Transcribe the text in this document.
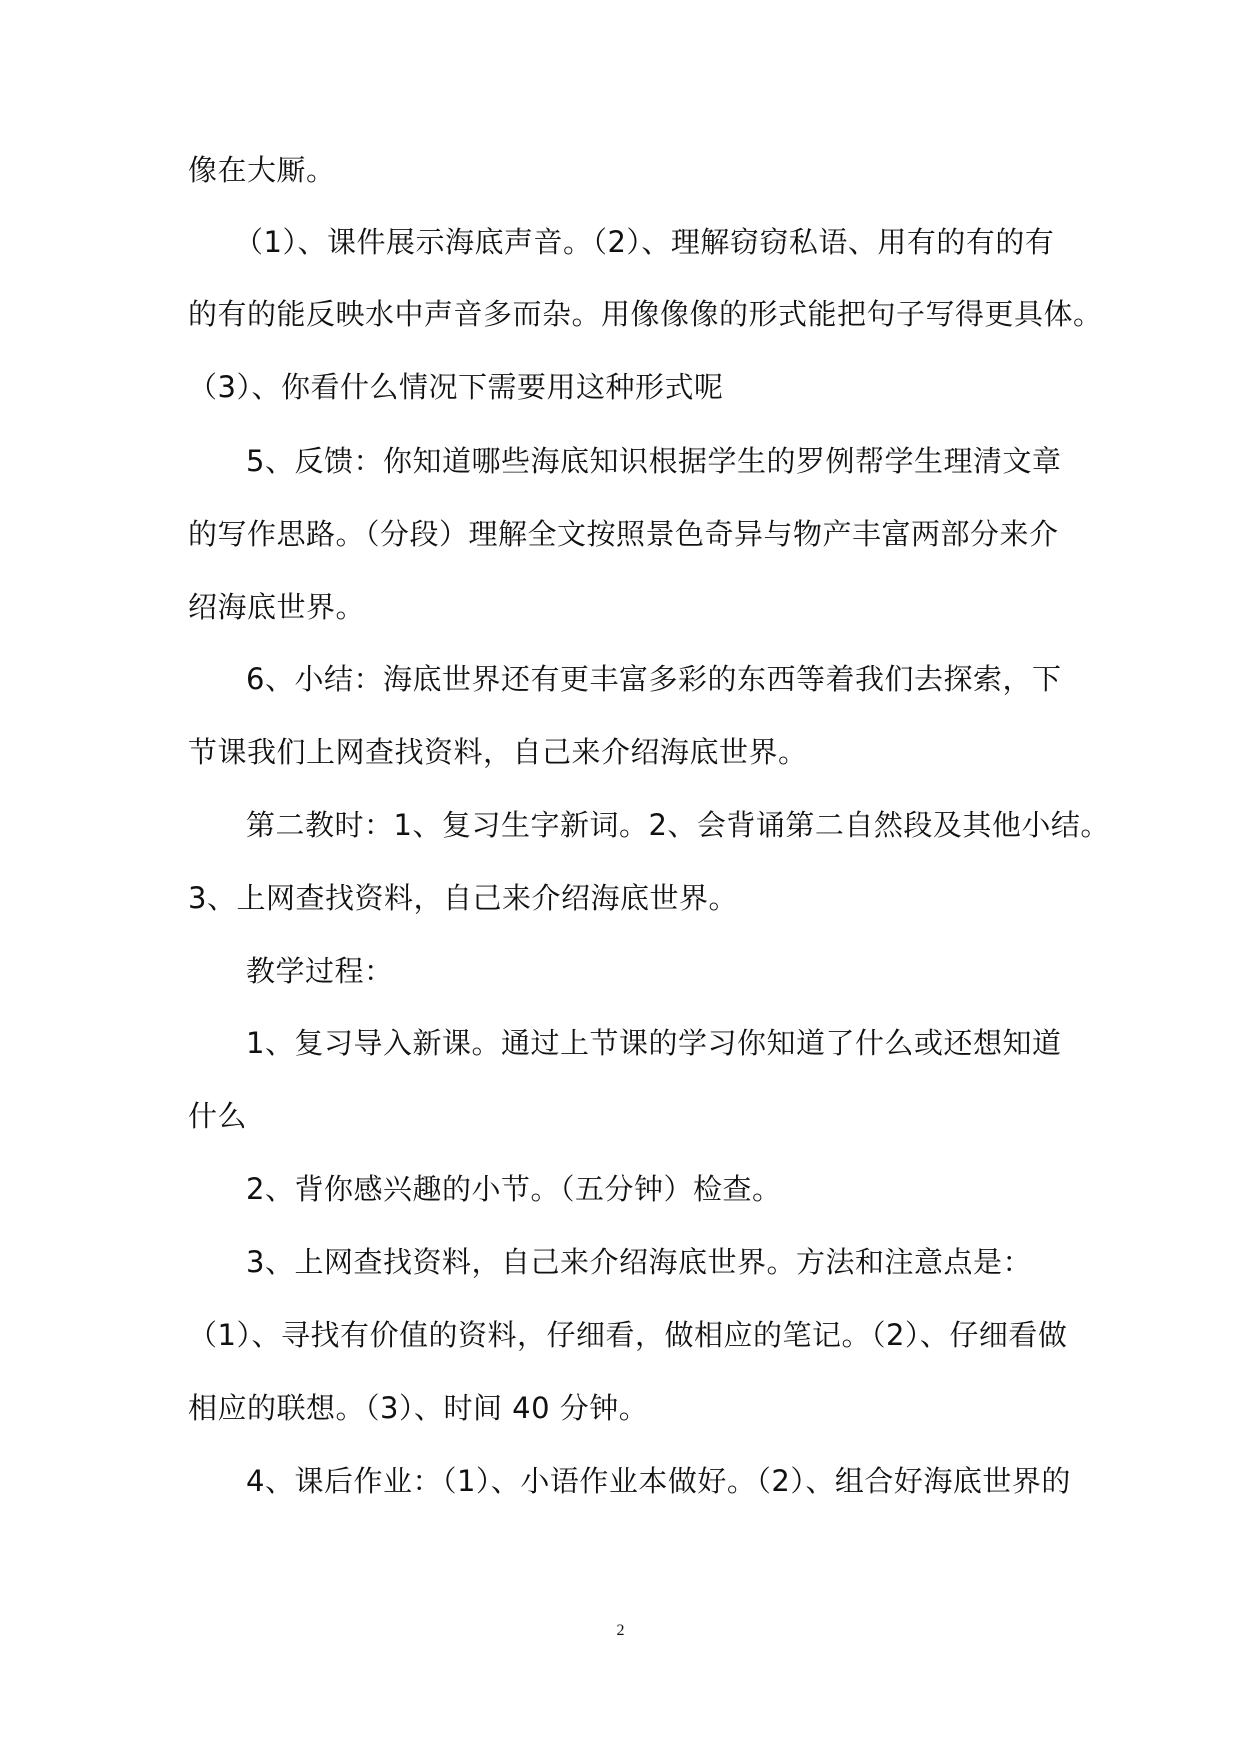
像在大厮。
（1）、课件展示海底声音。（2）、理解窃窃私语、用有的有的有
的有的能反映水中声音多而杂。用像像像的形式能把句子写得更具体。
（3）、你看什么情况下需要用这种形式呢
5、反馈：你知道哪些海底知识根据学生的罗例帮学生理清文章
的写作思路。（分段）理解全文按照景色奇异与物产丰富两部分来介
绍海底世界。
6、小结：海底世界还有更丰富多彩的东西等着我们去探索，下
节课我们上网查找资料，自己来介绍海底世界。
第二教时：1、复习生字新词。2、会背诵第二自然段及其他小结。
3、上网查找资料，自己来介绍海底世界。
教学过程：
1、复习导入新课。通过上节课的学习你知道了什么或还想知道
什么
2、背你感兴趣的小节。（五分钟）检查。
3、上网查找资料，自己来介绍海底世界。方法和注意点是：
（1）、寻找有价值的资料，仔细看，做相应的笔记。（2）、仔细看做
相应的联想。（3）、时间 40 分钟。
4、课后作业：（1）、小语作业本做好。（2）、组合好海底世界的
2
